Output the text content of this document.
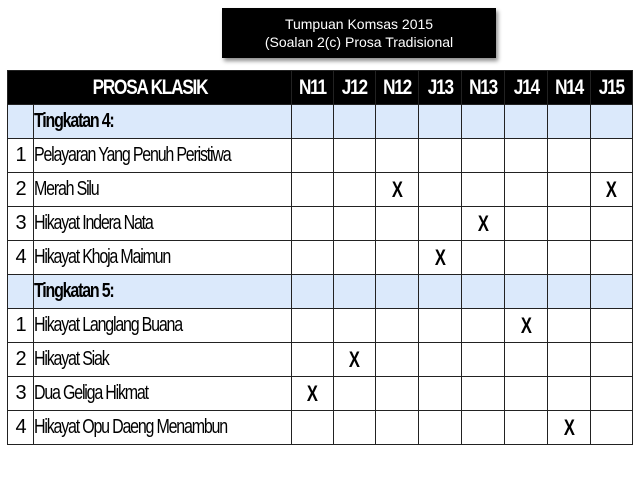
Tumpuan Komsas 2015
(Soalan 2(c) Prosa Tradisional
PROSA KLASIK		N11	J12	N12	J13	N13	J14	N14	J15
	Tingkatan 4:								
1	Pelayaran Yang Penuh Peristiwa								
2	Merah Silu			X					X
3	Hikayat Indera Nata					X			
4	Hikayat Khoja Maimun				X				
	Tingkatan 5:								
1	Hikayat Langlang Buana						X		
2	Hikayat Siak		X						
3	Dua Geliga Hikmat	X							
4	Hikayat Opu Daeng Menambun							X	
